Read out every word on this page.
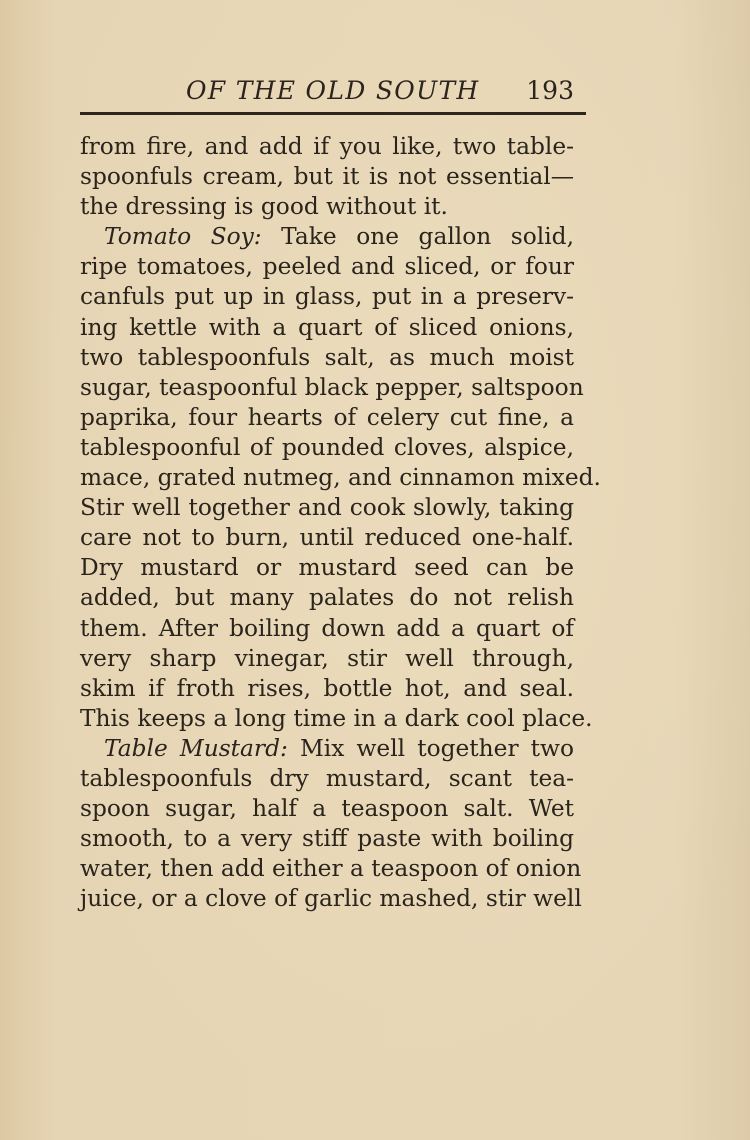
OF THE OLD SOUTH 193
from fire, and add if you like, two table-
spoonfuls cream, but it is not essential—
the dressing is good without it.
Tomato Soy: Take one gallon solid,
ripe tomatoes, peeled and sliced, or four
canfuls put up in glass, put in a preserv-
ing kettle with a quart of sliced onions,
two tablespoonfuls salt, as much moist
sugar, teaspoonful black pepper, saltspoon
paprika, four hearts of celery cut fine, a
tablespoonful of pounded cloves, alspice,
mace, grated nutmeg, and cinnamon mixed.
Stir well together and cook slowly, taking
care not to burn, until reduced one-half.
Dry mustard or mustard seed can be
added, but many palates do not relish
them. After boiling down add a quart of
very sharp vinegar, stir well through,
skim if froth rises, bottle hot, and seal.
This keeps a long time in a dark cool place.
Table Mustard: Mix well together two
tablespoonfuls dry mustard, scant tea-
spoon sugar, half a teaspoon salt. Wet
smooth, to a very stiff paste with boiling
water, then add either a teaspoon of onion
juice, or a clove of garlic mashed, stir well
